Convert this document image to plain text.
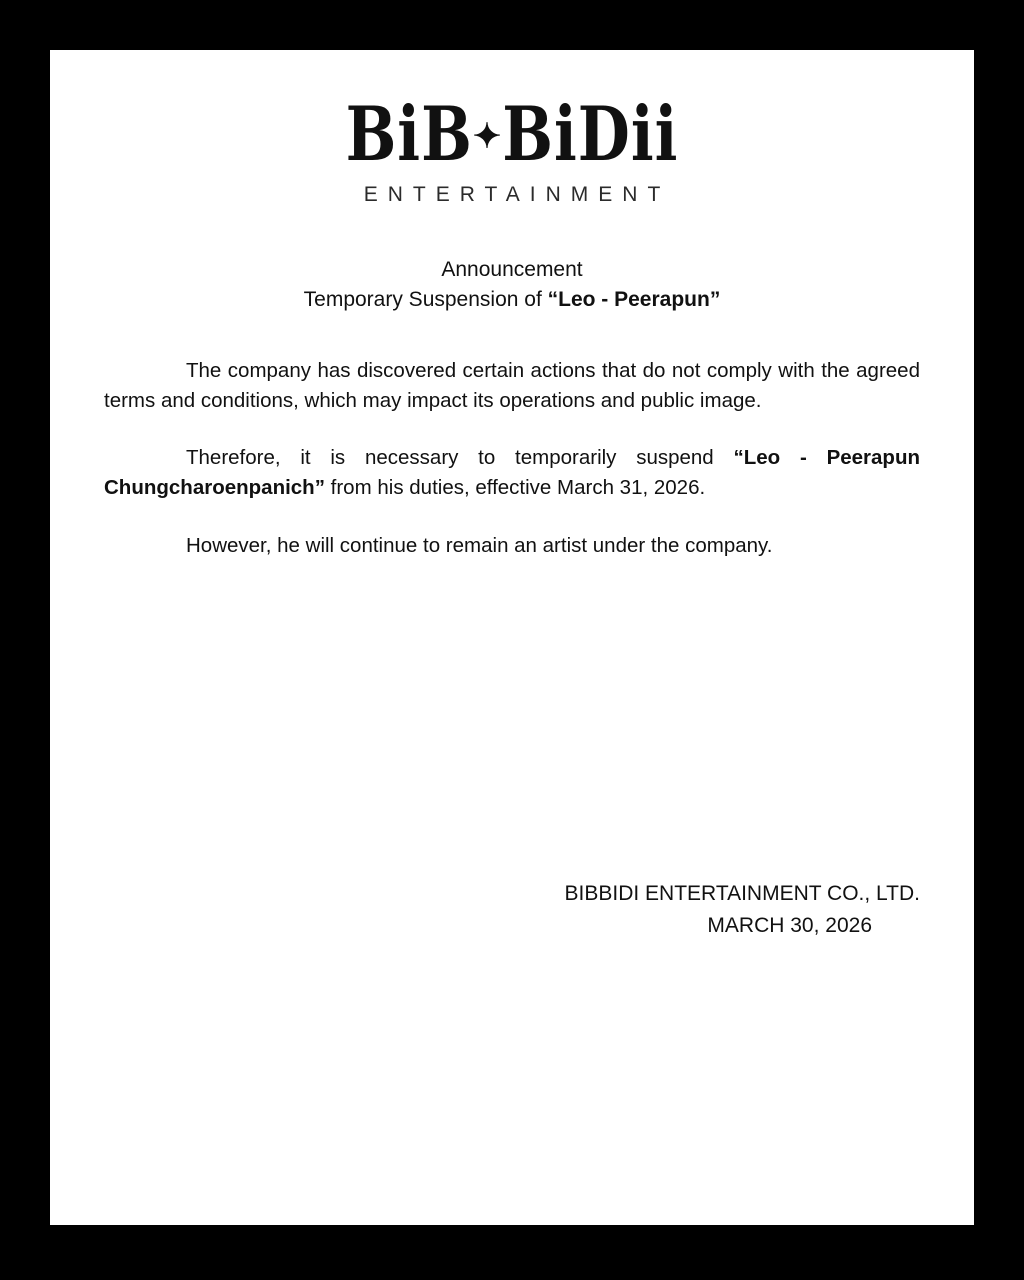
BiB✦BiDii
ENTERTAINMENT
Announcement
Temporary Suspension of “Leo - Peerapun”

The company has discovered certain actions that do not comply with the agreed terms and conditions, which may impact its operations and public image.

Therefore, it is necessary to temporarily suspend “Leo - Peerapun Chungcharoenpanich” from his duties, effective March 31, 2026.

However, he will continue to remain an artist under the company.

BIBBIDI ENTERTAINMENT CO., LTD.
MARCH 30, 2026
